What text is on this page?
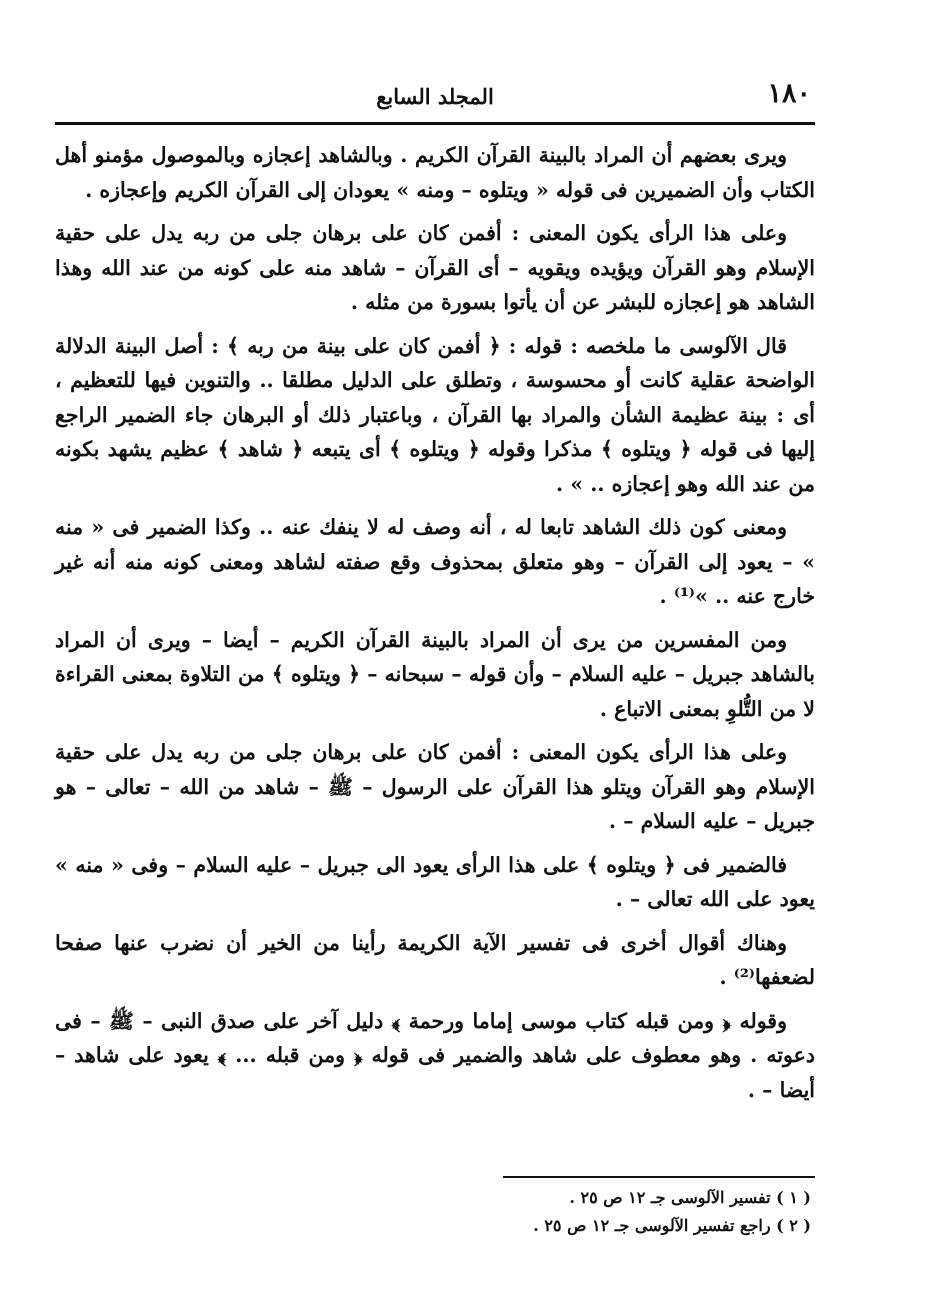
١٨٠
المجلد السابع

ويرى بعضهم أن المراد بالبينة القرآن الكريم . وبالشاهد إعجازه وبالموصول مؤمنو أهل الكتاب وأن الضميرين فى قوله « ويتلوه – ومنه » يعودان إلى القرآن الكريم وإعجازه .

وعلى هذا الرأى يكون المعنى : أفمن كان على برهان جلى من ربه يدل على حقية الإسلام وهو القرآن ويؤيده ويقويه – أى القرآن – شاهد منه على كونه من عند الله وهذا الشاهد هو إعجازه للبشر عن أن يأتوا بسورة من مثله .

قال الآلوسى ما ملخصه : قوله : ﴿ أفمن كان على بينة من ربه ﴾ : أصل البينة الدلالة الواضحة عقلية كانت أو محسوسة ، وتطلق على الدليل مطلقا .. والتنوين فيها للتعظيم ، أى : بينة عظيمة الشأن والمراد بها القرآن ، وباعتبار ذلك أو البرهان جاء الضمير الراجع إليها فى قوله ﴿ ويتلوه ﴾ مذكرا وقوله ﴿ ويتلوه ﴾ أى يتبعه ﴿ شاهد ﴾ عظيم يشهد بكونه من عند الله وهو إعجازه .. » .

ومعنى كون ذلك الشاهد تابعا له ، أنه وصف له لا ينفك عنه .. وكذا الضمير فى « منه » – يعود إلى القرآن – وهو متعلق بمحذوف وقع صفته لشاهد ومعنى كونه منه أنه غير خارج عنه .. »⁽¹⁾ .

ومن المفسرين من يرى أن المراد بالبينة القرآن الكريم – أيضا – ويرى أن المراد بالشاهد جبريل – عليه السلام – وأن قوله – سبحانه – ﴿ ويتلوه ﴾ من التلاوة بمعنى القراءة لا من التُّلوِ بمعنى الاتباع .

وعلى هذا الرأى يكون المعنى : أفمن كان على برهان جلى من ربه يدل على حقية الإسلام وهو القرآن ويتلو هذا القرآن على الرسول – ﷺ – شاهد من الله – تعالى – هو جبريل – عليه السلام – .

فالضمير فى ﴿ ويتلوه ﴾ على هذا الرأى يعود الى جبريل – عليه السلام – وفى « منه » يعود على الله تعالى – .

وهناك أقوال أخرى فى تفسير الآية الكريمة رأينا من الخير أن نضرب عنها صفحا لضعفها⁽²⁾ .

وقوله ﴿ ومن قبله كتاب موسى إماما ورحمة ﴾ دليل آخر على صدق النبى – ﷺ – فى دعوته . وهو معطوف على شاهد والضمير فى قوله ﴿ ومن قبله ... ﴾ يعود على شاهد – أيضا – .

( ١ ) تفسير الآلوسى جـ ١٢ ص ٢٥ .

( ٢ ) راجع تفسير الآلوسى جـ ١٢ ص ٢٥ .
